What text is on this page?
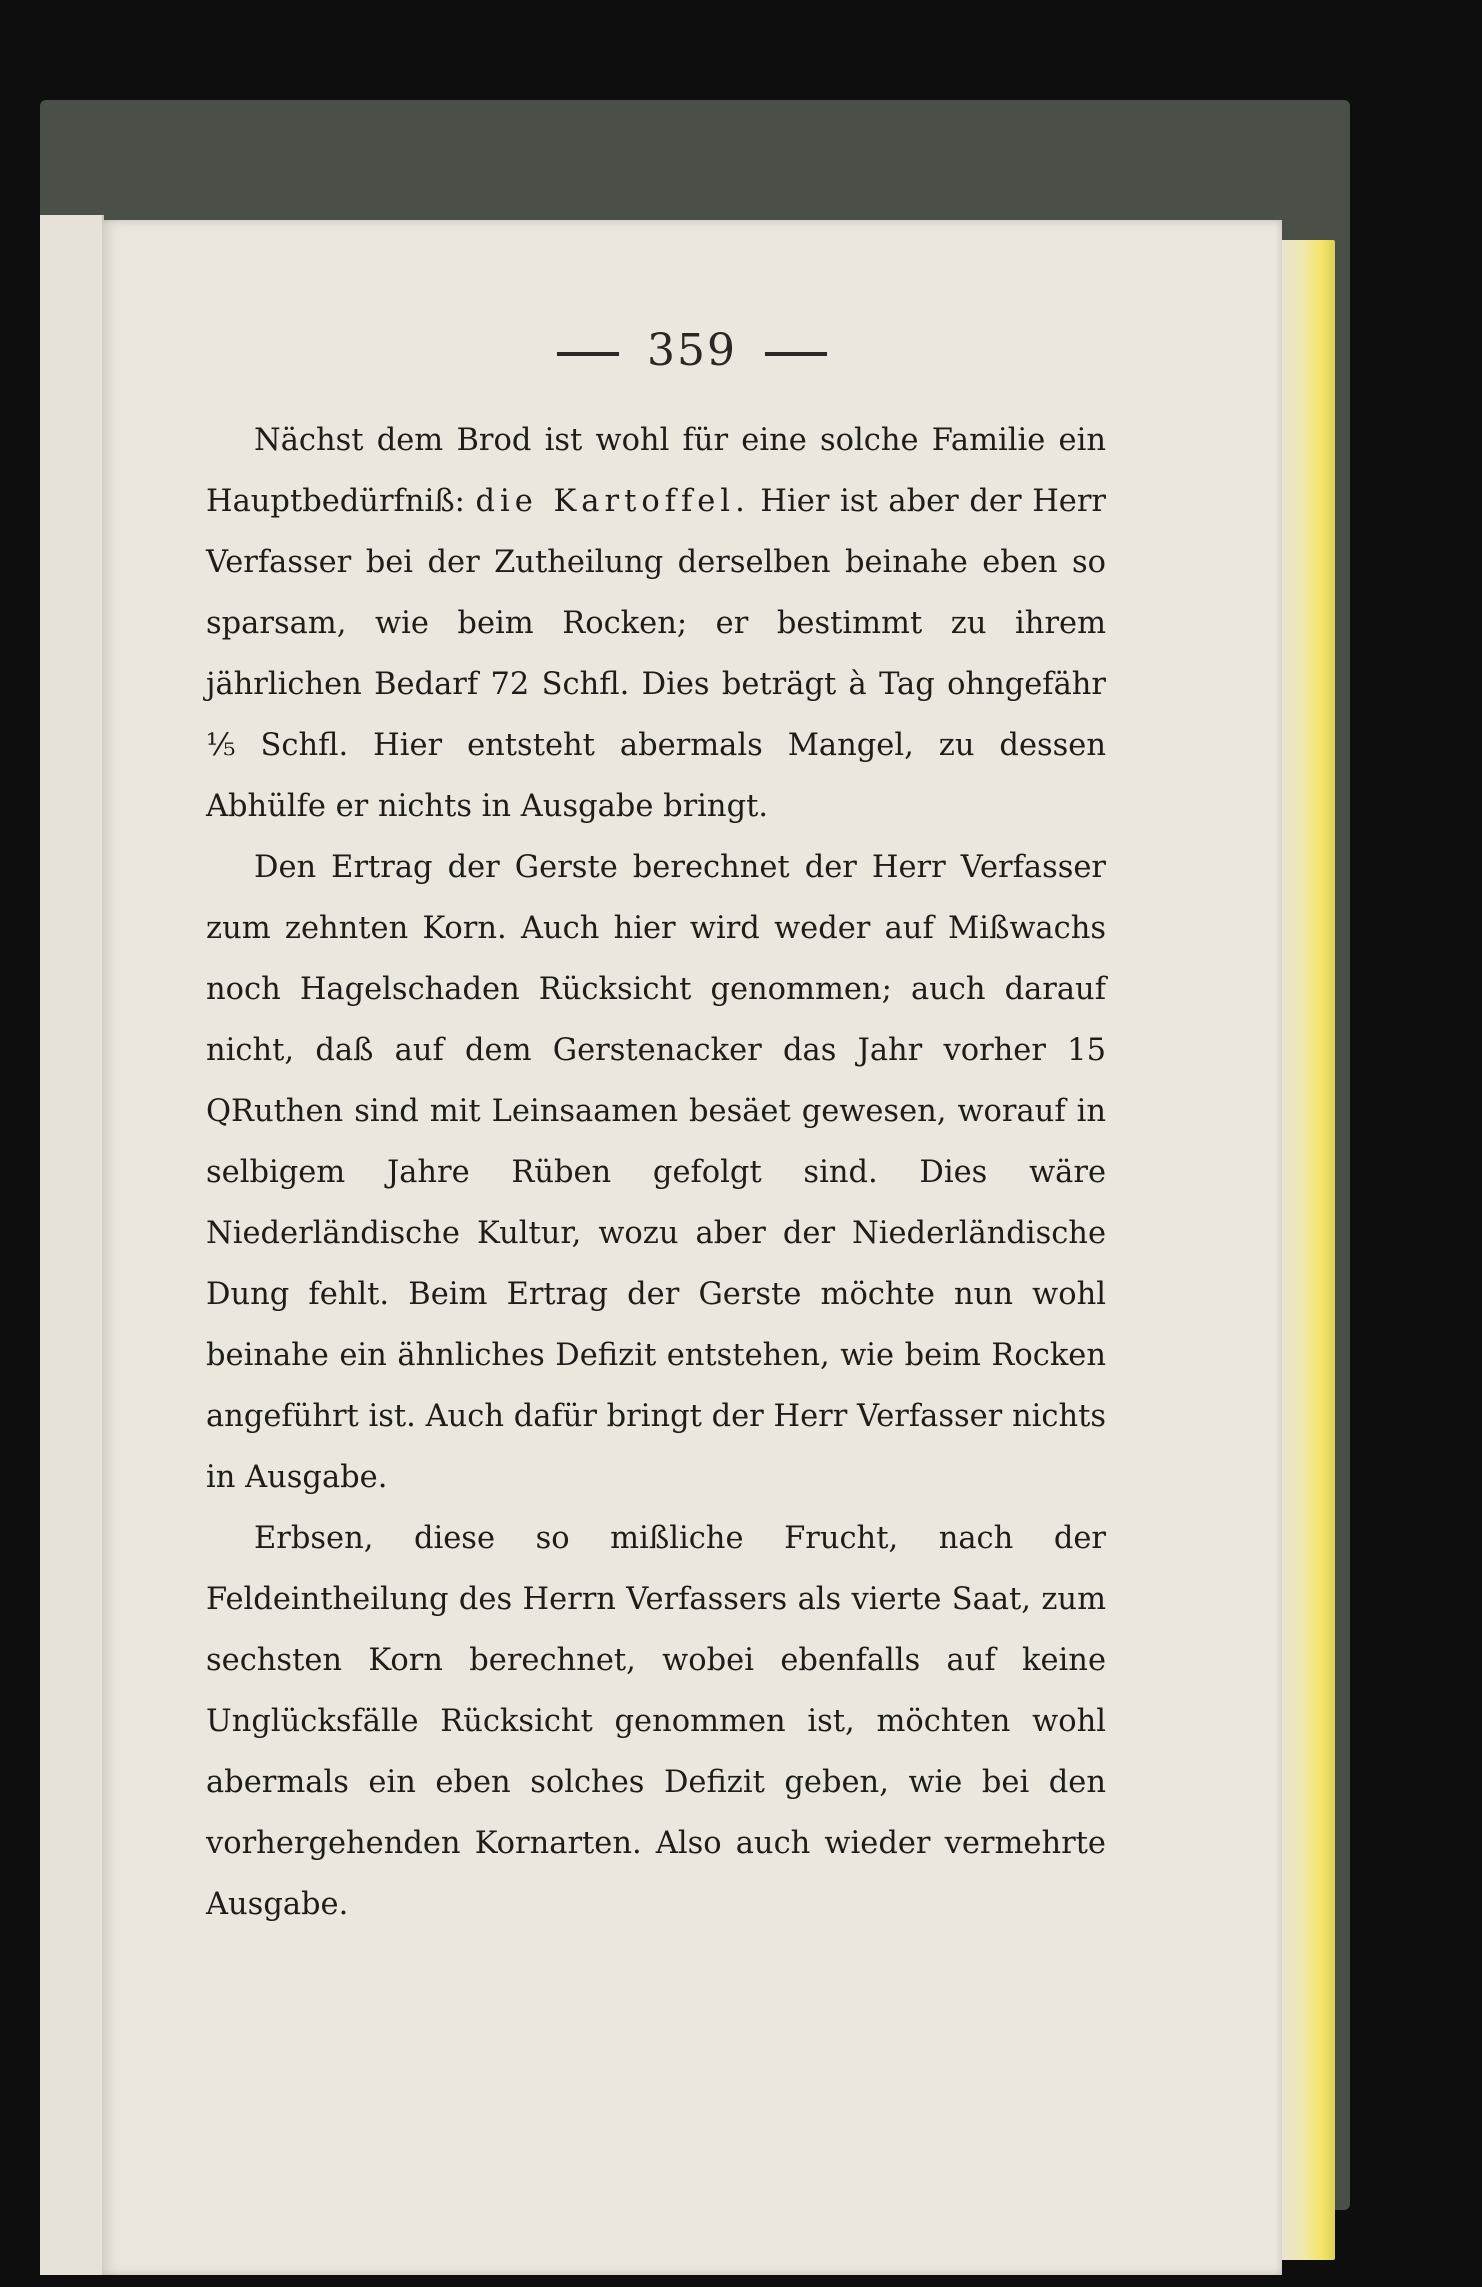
359

Nächst dem Brod ist wohl für eine solche Familie ein Hauptbedürfniß: die Kartoffel. Hier ist aber der Herr Verfasser bei der Zutheilung derselben beinahe eben so sparsam, wie beim Rocken; er bestimmt zu ihrem jährlichen Bedarf 72 Schfl. Dies beträgt à Tag ohngefähr ⅕ Schfl. Hier entsteht abermals Mangel, zu dessen Abhülfe er nichts in Ausgabe bringt.

Den Ertrag der Gerste berechnet der Herr Verfasser zum zehnten Korn. Auch hier wird weder auf Mißwachs noch Hagelschaden Rücksicht genommen; auch darauf nicht, daß auf dem Gerstenacker das Jahr vorher 15 QRuthen sind mit Leinsaamen besäet gewesen, worauf in selbigem Jahre Rüben gefolgt sind. Dies wäre Niederländische Kultur, wozu aber der Niederländische Dung fehlt. Beim Ertrag der Gerste möchte nun wohl beinahe ein ähnliches Defizit entstehen, wie beim Rocken angeführt ist. Auch dafür bringt der Herr Verfasser nichts in Ausgabe.

Erbsen, diese so mißliche Frucht, nach der Feldeintheilung des Herrn Verfassers als vierte Saat, zum sechsten Korn berechnet, wobei ebenfalls auf keine Unglücksfälle Rücksicht genommen ist, möchten wohl abermals ein eben solches Defizit geben, wie bei den vorhergehenden Kornarten. Also auch wieder vermehrte Ausgabe.
